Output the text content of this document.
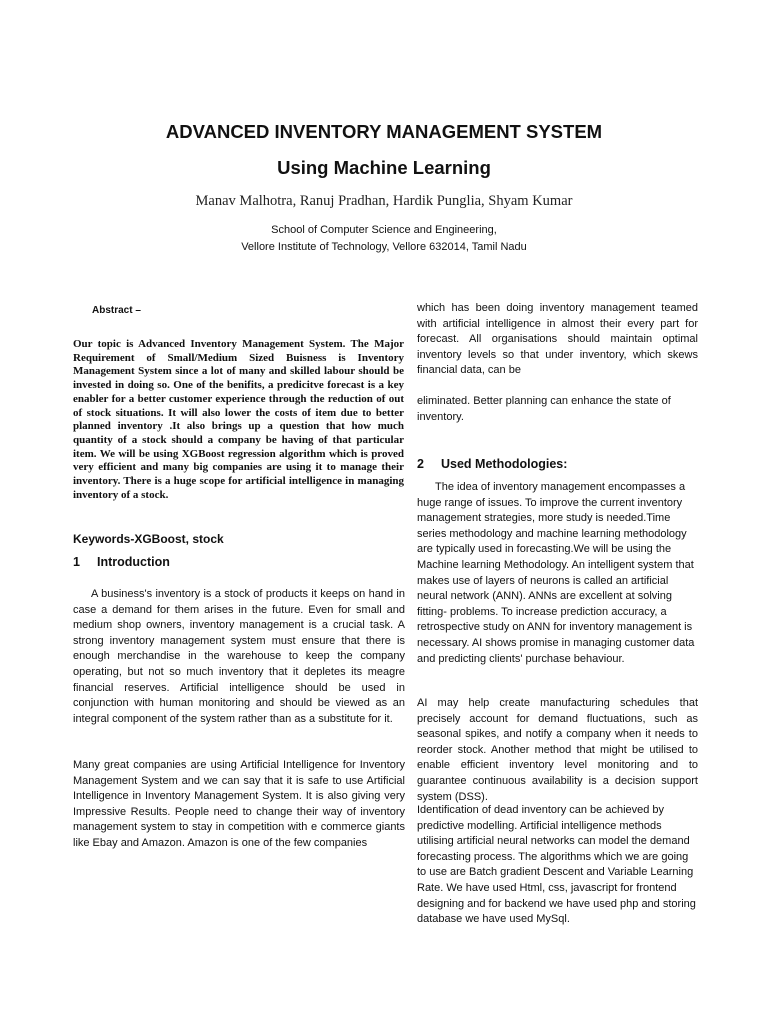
ADVANCED INVENTORY MANAGEMENT SYSTEM
Using Machine Learning
Manav Malhotra, Ranuj Pradhan, Hardik Punglia, Shyam Kumar
School of Computer Science and Engineering,
Vellore Institute of Technology, Vellore 632014, Tamil Nadu
Abstract –

Our topic is Advanced Inventory Management System. The Major Requirement of Small/Medium Sized Buisness is Inventory Management System since a lot of many and skilled labour should be invested in doing so. One of the benifits, a predicitve forecast is a key enabler for a better customer experience through the reduction of out of stock situations. It will also lower the costs of item due to better planned inventory .It also brings up a question that how much quantity of a stock should a company be having of that particular item. We will be using XGBoost regression algorithm which is proved very efficient and many big companies are using it to manage their inventory. There is a huge scope for artificial intelligence in managing inventory of a stock.

Keywords-XGBoost, stock
1 Introduction

A business's inventory is a stock of products it keeps on hand in case a demand for them arises in the future. Even for small and medium shop owners, inventory management is a crucial task. A strong inventory management system must ensure that there is enough merchandise in the warehouse to keep the company operating, but not so much inventory that it depletes its meagre financial reserves. Artificial intelligence should be used in conjunction with human monitoring and should be viewed as an integral component of the system rather than as a substitute for it.

Many great companies are using Artificial Intelligence for Inventory Management System and we can say that it is safe to use Artificial Intelligence in Inventory Management System. It is also giving very Impressive Results. People need to change their way of inventory management system to stay in competition with e commerce giants like Ebay and Amazon. Amazon is one of the few companies

which has been doing inventory management teamed with artificial intelligence in almost their every part for forecast. All organisations should maintain optimal inventory levels so that under inventory, which skews financial data, can be

eliminated. Better planning can enhance the state of inventory.

2 Used Methodologies:

The idea of inventory management encompasses a huge range of issues. To improve the current inventory management strategies, more study is needed.Time series methodology and machine learning methodology are typically used in forecasting.We will be using the Machine learning Methodology. An intelligent system that makes use of layers of neurons is called an artificial neural network (ANN). ANNs are excellent at solving fitting- problems. To increase prediction accuracy, a retrospective study on ANN for inventory management is necessary. AI shows promise in managing customer data and predicting clients' purchase behaviour.

AI may help create manufacturing schedules that precisely account for demand fluctuations, such as seasonal spikes, and notify a company when it needs to reorder stock. Another method that might be utilised to enable efficient inventory level monitoring and to guarantee continuous availability is a decision support system (DSS).

Identification of dead inventory can be achieved by predictive modelling. Artificial intelligence methods utilising artificial neural networks can model the demand forecasting process. The algorithms which we are going to use are Batch gradient Descent and Variable Learning Rate. We have used Html, css, javascript for frontend designing and for backend we have used php and storing database we have used MySql.
